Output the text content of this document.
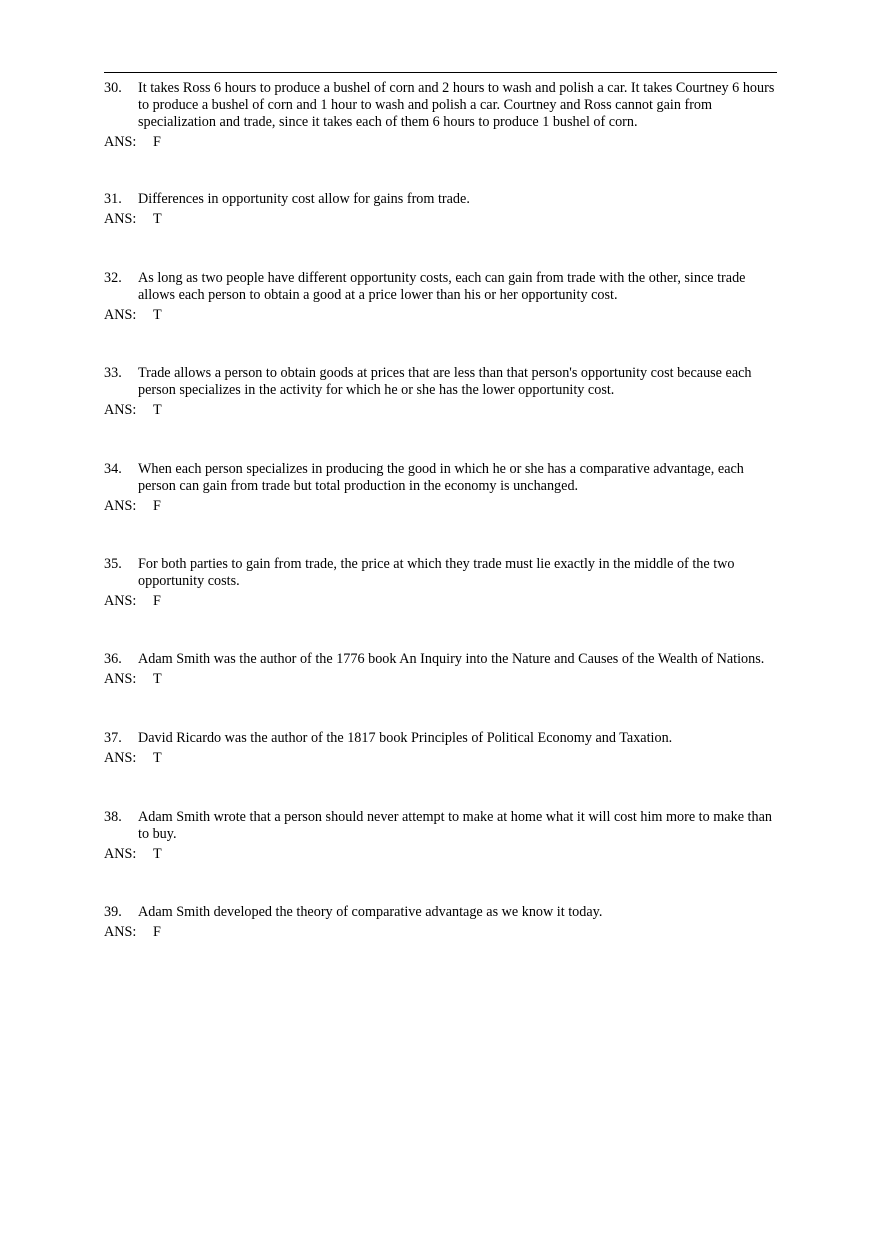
30.	It takes Ross 6 hours to produce a bushel of corn and 2 hours to wash and polish a car. It takes Courtney 6 hours to produce a bushel of corn and 1 hour to wash and polish a car. Courtney and Ross cannot gain from specialization and trade, since it takes each of them 6 hours to produce 1 bushel of corn.
ANS:	F
31.	Differences in opportunity cost allow for gains from trade.
ANS:	T
32.	As long as two people have different opportunity costs, each can gain from trade with the other, since trade allows each person to obtain a good at a price lower than his or her opportunity cost.
ANS:	T
33.	Trade allows a person to obtain goods at prices that are less than that person's opportunity cost because each person specializes in the activity for which he or she has the lower opportunity cost.
ANS:	T
34.	When each person specializes in producing the good in which he or she has a comparative advantage, each person can gain from trade but total production in the economy is unchanged.
ANS:	F
35.	For both parties to gain from trade, the price at which they trade must lie exactly in the middle of the two opportunity costs.
ANS:	F
36.	Adam Smith was the author of the 1776 book An Inquiry into the Nature and Causes of the Wealth of Nations.
ANS:	T
37.	David Ricardo was the author of the 1817 book Principles of Political Economy and Taxation.
ANS:	T
38.	Adam Smith wrote that a person should never attempt to make at home what it will cost him more to make than to buy.
ANS:	T
39.	Adam Smith developed the theory of comparative advantage as we know it today.
ANS:	F
